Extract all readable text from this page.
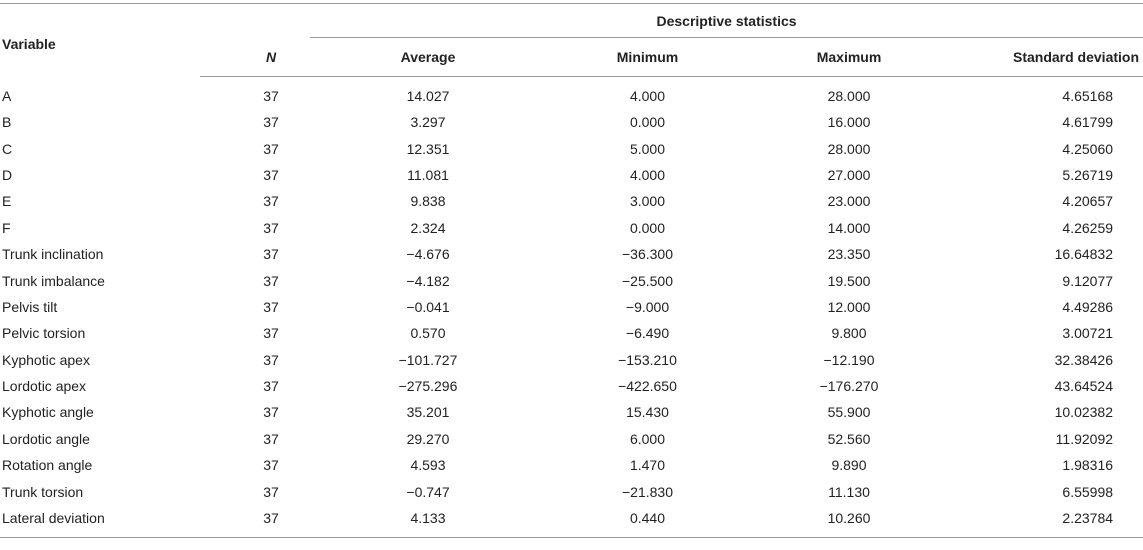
Variable		Descriptive statistics			
	N	Average	Minimum	Maximum	Standard deviation
A	37	14.027	4.000	28.000	4.65168
B	37	3.297	0.000	16.000	4.61799
C	37	12.351	5.000	28.000	4.25060
D	37	11.081	4.000	27.000	5.26719
E	37	9.838	3.000	23.000	4.20657
F	37	2.324	0.000	14.000	4.26259
Trunk inclination	37	−4.676	−36.300	23.350	16.64832
Trunk imbalance	37	−4.182	−25.500	19.500	9.12077
Pelvis tilt	37	−0.041	−9.000	12.000	4.49286
Pelvic torsion	37	0.570	−6.490	9.800	3.00721
Kyphotic apex	37	−101.727	−153.210	−12.190	32.38426
Lordotic apex	37	−275.296	−422.650	−176.270	43.64524
Kyphotic angle	37	35.201	15.430	55.900	10.02382
Lordotic angle	37	29.270	6.000	52.560	11.92092
Rotation angle	37	4.593	1.470	9.890	1.98316
Trunk torsion	37	−0.747	−21.830	11.130	6.55998
Lateral deviation	37	4.133	0.440	10.260	2.23784
